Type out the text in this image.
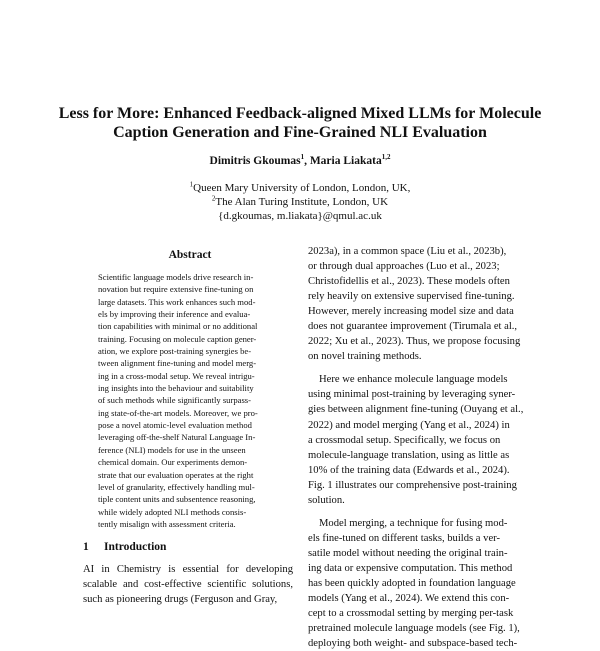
Less for More: Enhanced Feedback-aligned Mixed LLMs for Molecule
Caption Generation and Fine-Grained NLI Evaluation
Dimitris Gkoumas$^1$, Maria Liakata$^{1,2}$
$^1$Queen Mary University of London, London, UK,
$^2$The Alan Turing Institute, London, UK
{d.gkoumas, m.liakata}@qmul.ac.uk
Abstract
Scientific language models drive research in-
novation but require extensive fine-tuning on
large datasets. This work enhances such mod-
els by improving their inference and evalua-
tion capabilities with minimal or no additional
training. Focusing on molecule caption gener-
ation, we explore post-training synergies be-
tween alignment fine-tuning and model merg-
ing in a cross-modal setup. We reveal intrigu-
ing insights into the behaviour and suitability
of such methods while significantly surpass-
ing state-of-the-art models. Moreover, we pro-
pose a novel atomic-level evaluation method
leveraging off-the-shelf Natural Language In-
ference (NLI) models for use in the unseen
chemical domain. Our experiments demon-
strate that our evaluation operates at the right
level of granularity, effectively handling mul-
tiple content units and subsentence reasoning,
while widely adopted NLI methods consis-
tently misalign with assessment criteria.
1 Introduction
AI in Chemistry is essential for developing
scalable and cost-effective scientific solutions,
such as pioneering drugs (Ferguson and Gray,
2023a), in a common space (Liu et al., 2023b),
or through dual approaches (Luo et al., 2023;
Christofidellis et al., 2023). These models often
rely heavily on extensive supervised fine-tuning.
However, merely increasing model size and data
does not guarantee improvement (Tirumala et al.,
2022; Xu et al., 2023). Thus, we propose focusing
on novel training methods.
Here we enhance molecule language models
using minimal post-training by leveraging syner-
gies between alignment fine-tuning (Ouyang et al.,
2022) and model merging (Yang et al., 2024) in
a crossmodal setup. Specifically, we focus on
molecule-language translation, using as little as
10% of the training data (Edwards et al., 2024).
Fig. 1 illustrates our comprehensive post-training
solution.
Model merging, a technique for fusing mod-
els fine-tuned on different tasks, builds a ver-
satile model without needing the original train-
ing data or expensive computation. This method
has been quickly adopted in foundation language
models (Yang et al., 2024). We extend this con-
cept to a crossmodal setting by merging per-task
pretrained molecule language models (see Fig. 1),
deploying both weight- and subspace-based tech-
